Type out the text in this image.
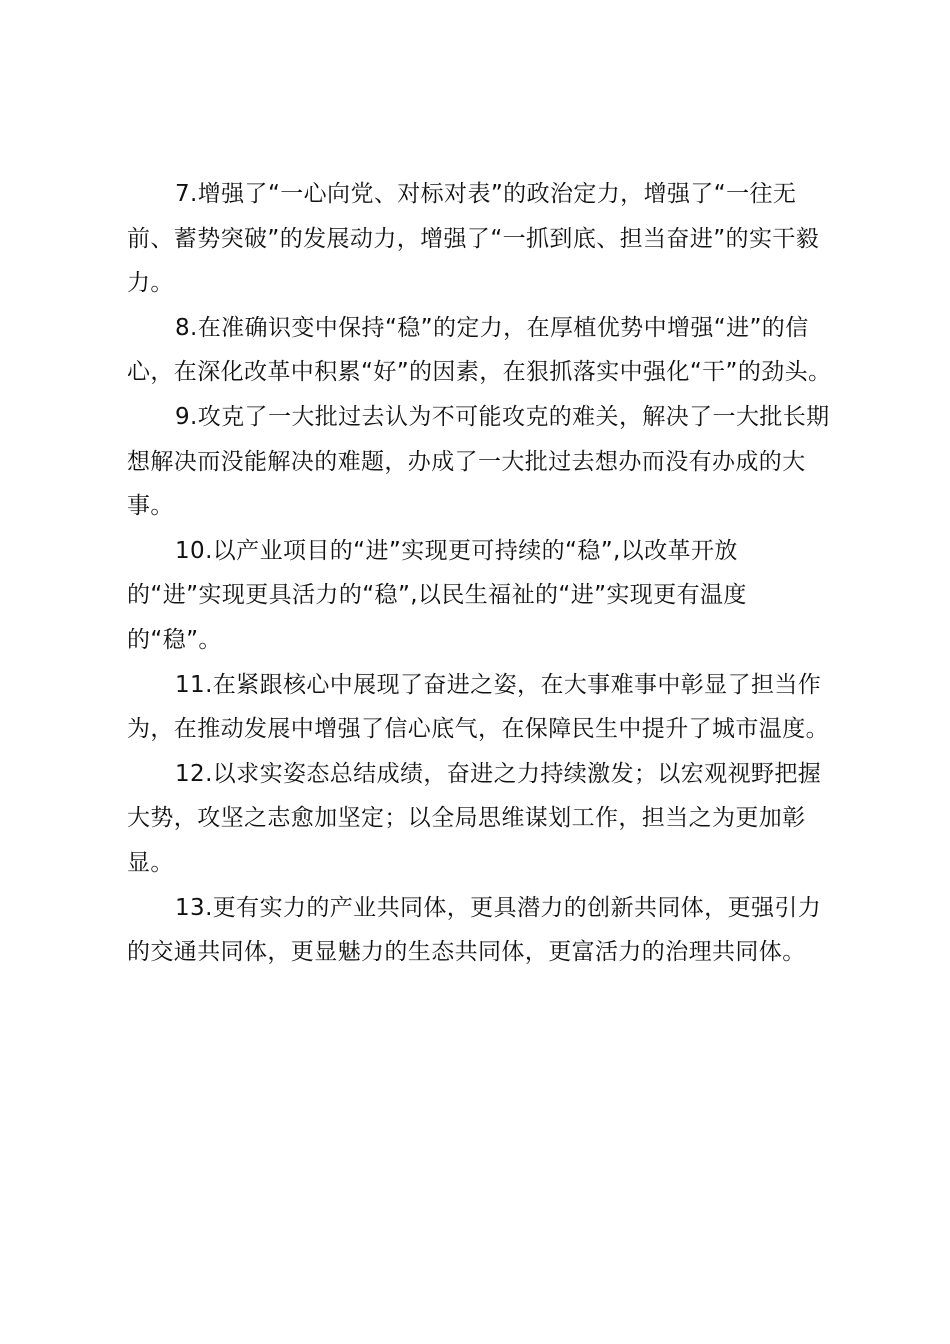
7.增强了“一心向党、对标对表”的政治定力，增强了“一往无前、蓄势突破”的发展动力，增强了“一抓到底、担当奋进”的实干毅力。

8.在准确识变中保持“稳”的定力，在厚植优势中增强“进”的信心，在深化改革中积累“好”的因素，在狠抓落实中强化“干”的劲头。

9.攻克了一大批过去认为不可能攻克的难关，解决了一大批长期想解决而没能解决的难题，办成了一大批过去想办而没有办成的大事。

10.以产业项目的“进”实现更可持续的“稳”,以改革开放的“进”实现更具活力的“稳”,以民生福祉的“进”实现更有温度的“稳”。

11.在紧跟核心中展现了奋进之姿，在大事难事中彰显了担当作为，在推动发展中增强了信心底气，在保障民生中提升了城市温度。

12.以求实姿态总结成绩，奋进之力持续激发；以宏观视野把握大势，攻坚之志愈加坚定；以全局思维谋划工作，担当之为更加彰显。

13.更有实力的产业共同体，更具潜力的创新共同体，更强引力的交通共同体，更显魅力的生态共同体，更富活力的治理共同体。
